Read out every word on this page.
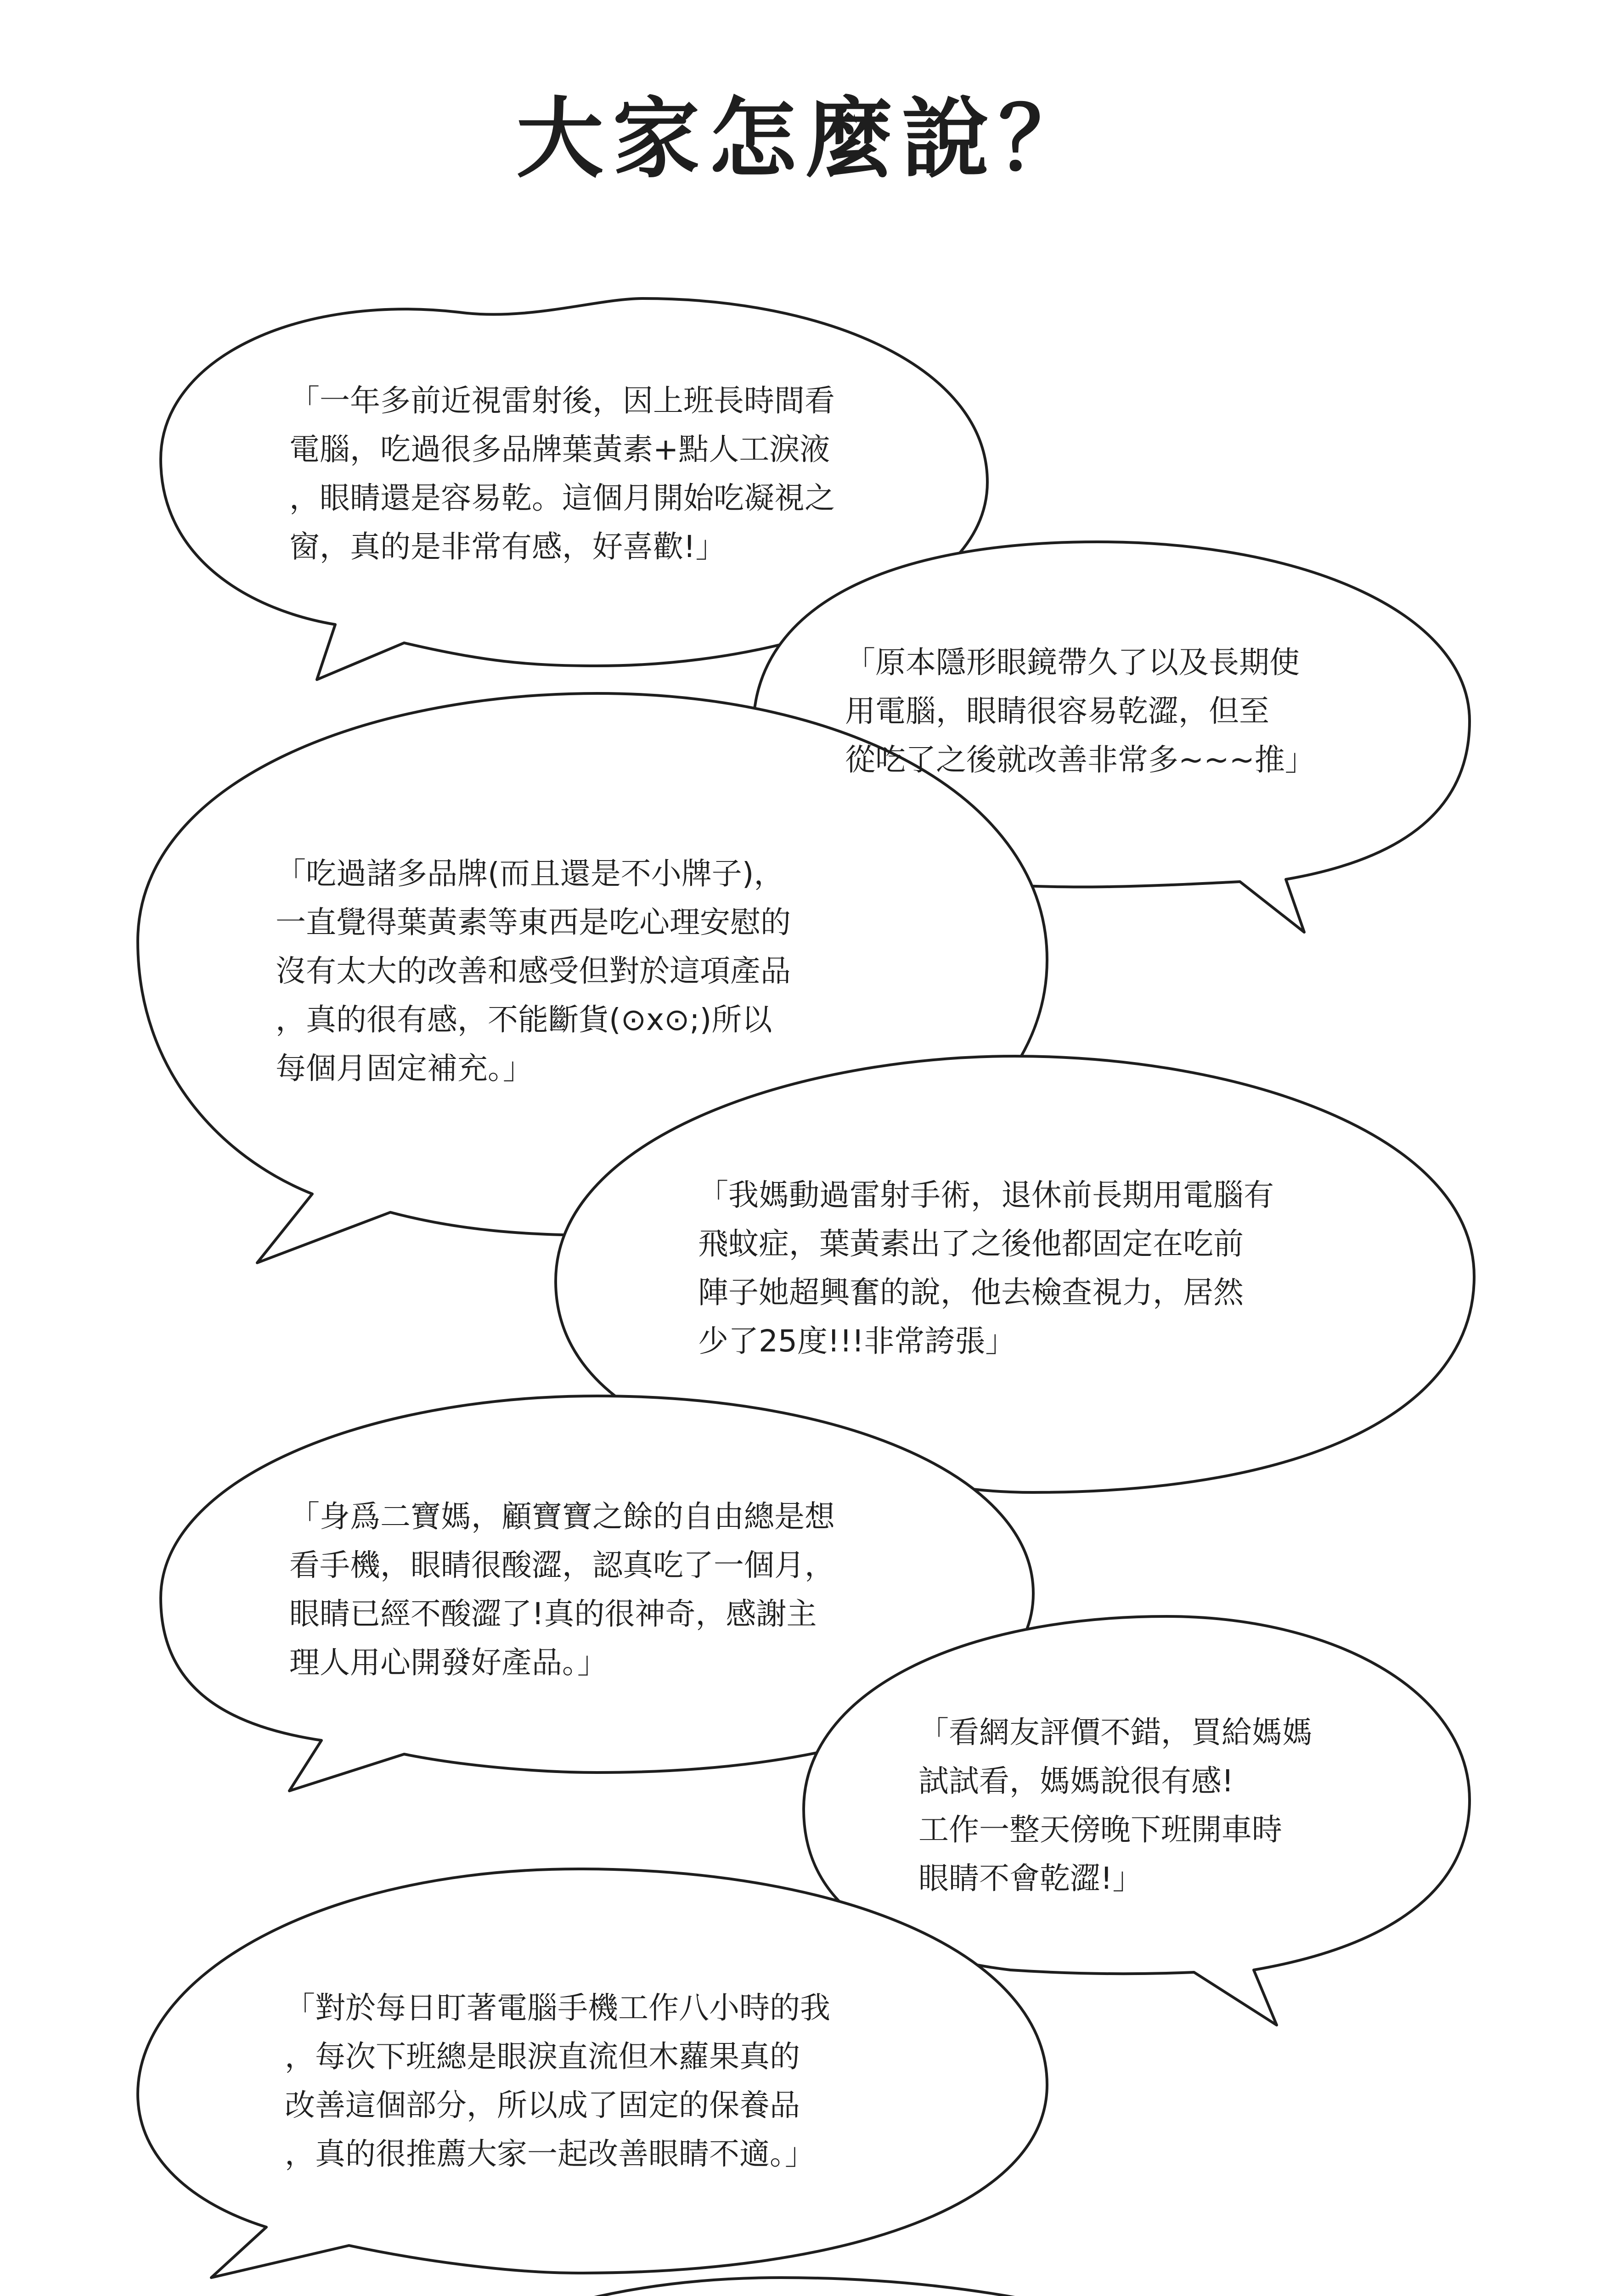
大家怎麼說？
「一年多前近視雷射後，因上班長時間看
電腦，吃過很多品牌葉黃素+點人工淚液
，眼睛還是容易乾。這個月開始吃凝視之
窗，真的是非常有感，好喜歡!」
「原本隱形眼鏡帶久了以及長期使
用電腦，眼睛很容易乾澀，但至
從吃了之後就改善非常多~~~推」
「吃過諸多品牌(而且還是不小牌子)，
一直覺得葉黃素等東西是吃心理安慰的
沒有太大的改善和感受但對於這項產品
，真的很有感，不能斷貨(⊙x⊙;)所以
每個月固定補充。」
「我媽動過雷射手術，退休前長期用電腦有
飛蚊症，葉黃素出了之後他都固定在吃前
陣子她超興奮的說，他去檢查視力，居然
少了25度!!!非常誇張」
「身爲二寶媽，顧寶寶之餘的自由總是想
看手機，眼睛很酸澀，認真吃了一個月，
眼睛已經不酸澀了!真的很神奇，感謝主
理人用心開發好產品。」
「看網友評價不錯，買給媽媽
試試看，媽媽說很有感!
工作一整天傍晚下班開車時
眼睛不會乾澀!」
「對於每日盯著電腦手機工作八小時的我
，每次下班總是眼淚直流但木蘿果真的
改善這個部分，所以成了固定的保養品
，真的很推薦大家一起改善眼睛不適。」
